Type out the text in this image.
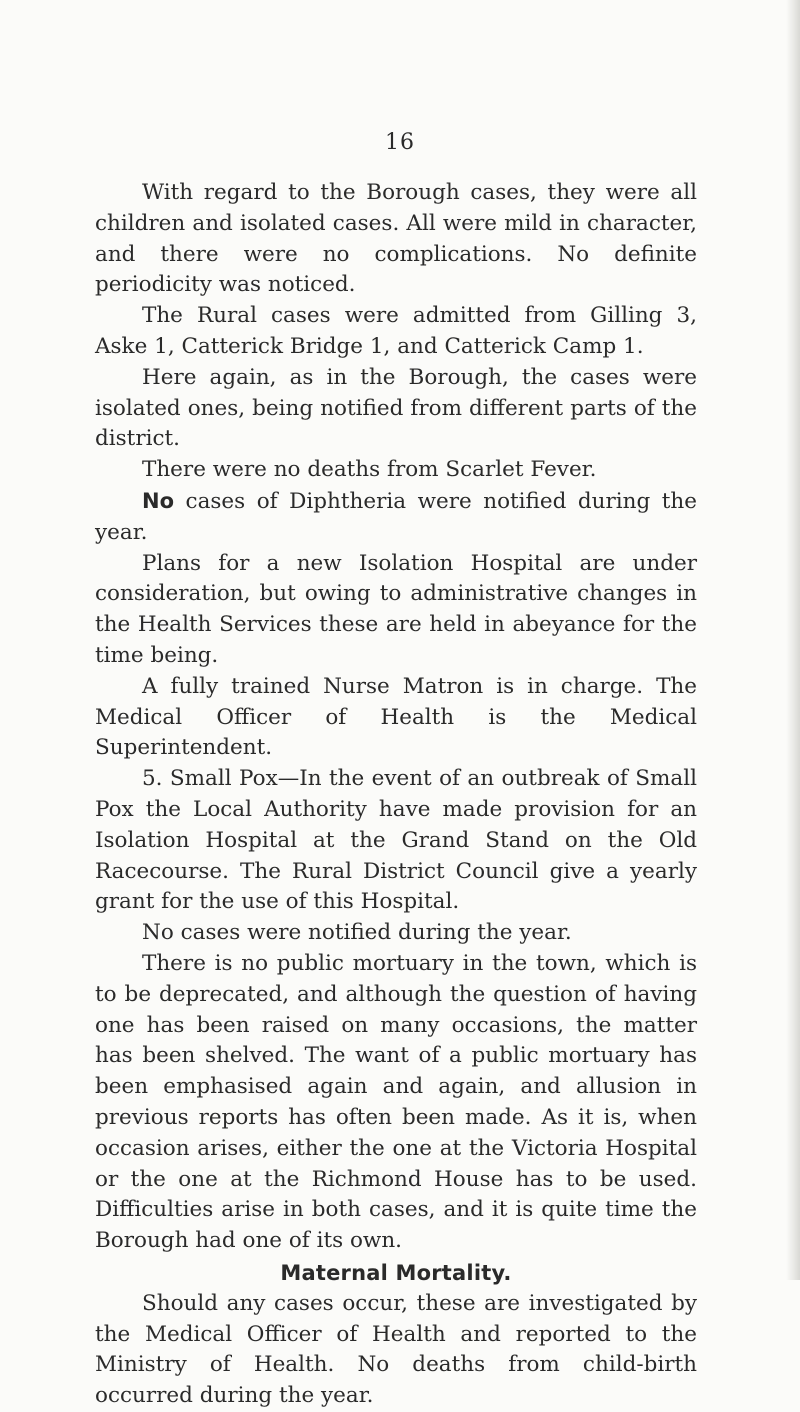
16

With regard to the Borough cases, they were all children and isolated cases. All were mild in character, and there were no complications. No definite periodicity was noticed.

The Rural cases were admitted from Gilling 3, Aske 1, Catterick Bridge 1, and Catterick Camp 1.

Here again, as in the Borough, the cases were isolated ones, being notified from different parts of the district.

There were no deaths from Scarlet Fever.

No cases of Diphtheria were notified during the year.

Plans for a new Isolation Hospital are under consideration, but owing to administrative changes in the Health Services these are held in abeyance for the time being.

A fully trained Nurse Matron is in charge. The Medical Officer of Health is the Medical Superintendent.

5. Small Pox—In the event of an outbreak of Small Pox the Local Authority have made provision for an Isolation Hospital at the Grand Stand on the Old Racecourse. The Rural District Council give a yearly grant for the use of this Hospital.

No cases were notified during the year.

There is no public mortuary in the town, which is to be deprecated, and although the question of having one has been raised on many occasions, the matter has been shelved. The want of a public mortuary has been emphasised again and again, and allusion in previous reports has often been made. As it is, when occasion arises, either the one at the Victoria Hospital or the one at the Richmond House has to be used. Difficulties arise in both cases, and it is quite time the Borough had one of its own.

Maternal Mortality.

Should any cases occur, these are investigated by the Medical Officer of Health and reported to the Ministry of Health. No deaths from child-birth occurred during the year.
